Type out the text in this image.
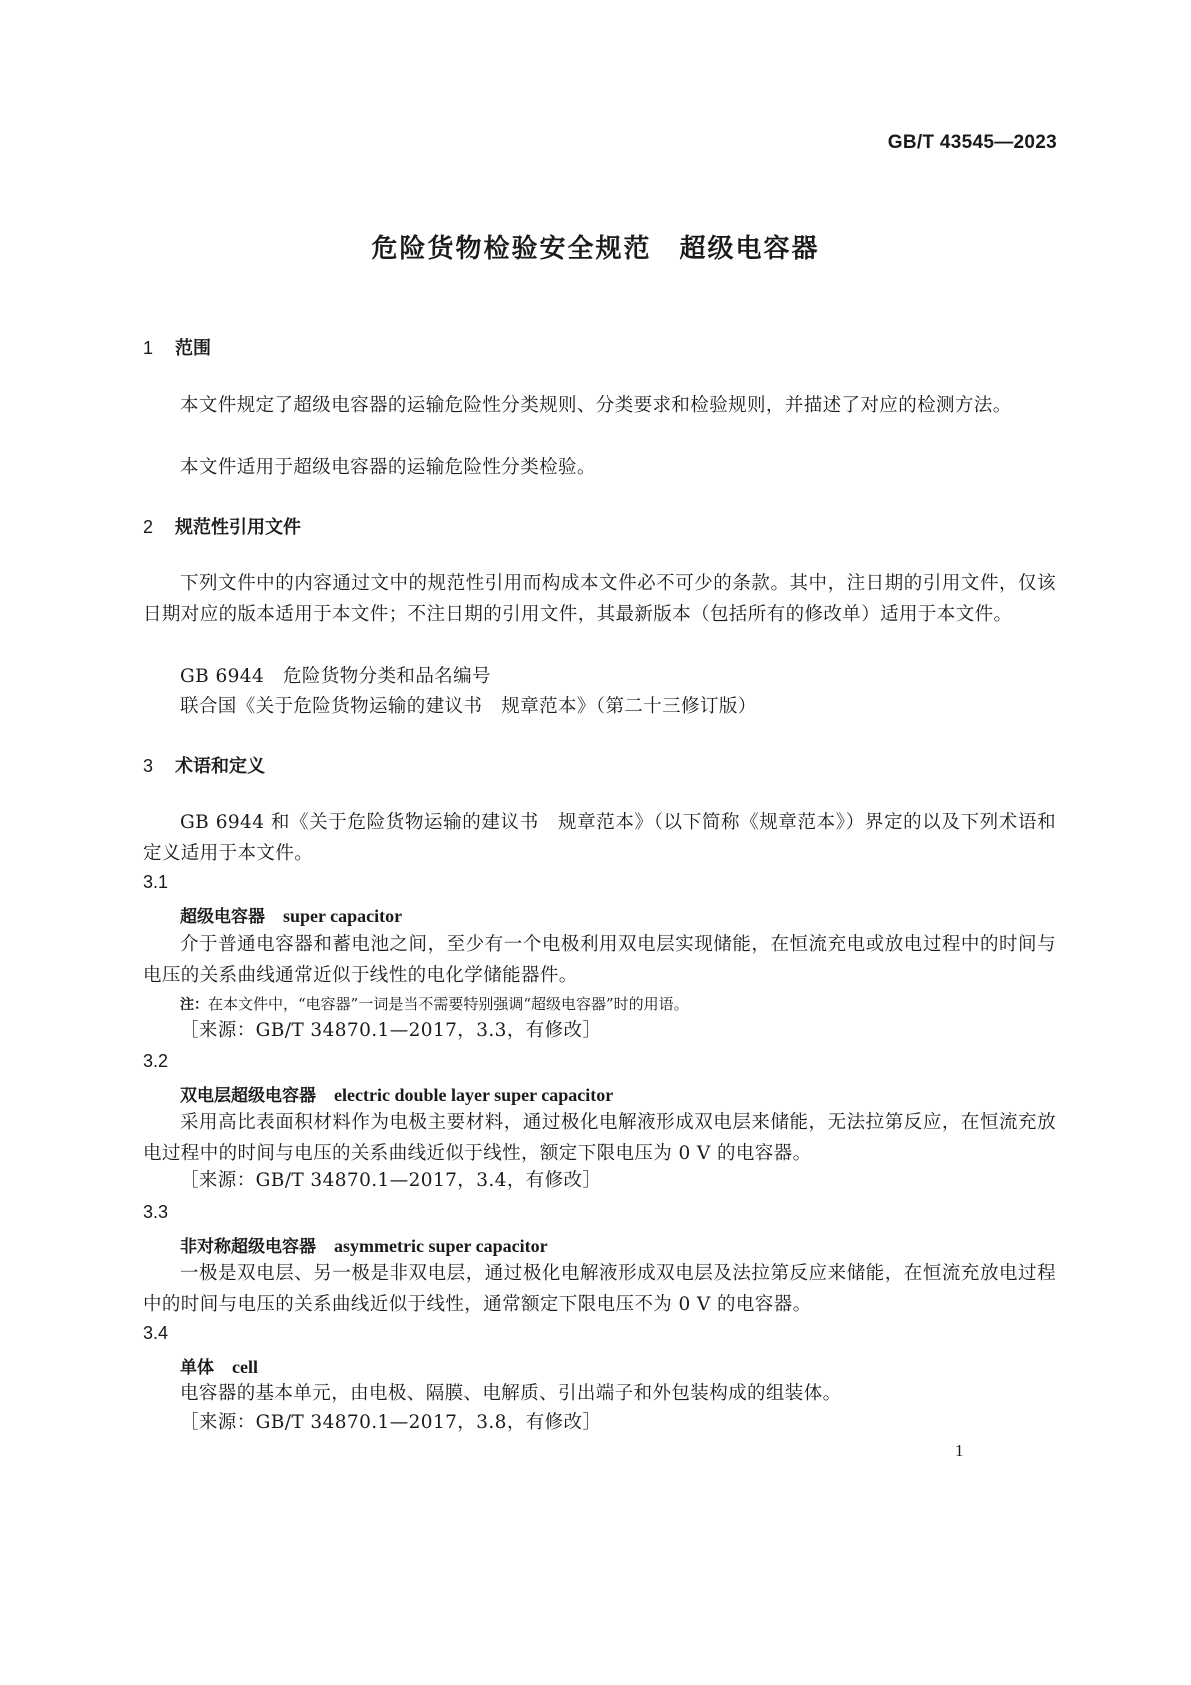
GB/T 43545—2023
危险货物检验安全规范　超级电容器
1 范围
本文件规定了超级电容器的运输危险性分类规则、分类要求和检验规则，并描述了对应的检测方法。
本文件适用于超级电容器的运输危险性分类检验。
2 规范性引用文件
下列文件中的内容通过文中的规范性引用而构成本文件必不可少的条款。其中，注日期的引用文件，仅该日期对应的版本适用于本文件；不注日期的引用文件，其最新版本（包括所有的修改单）适用于本文件。
GB 6944　危险货物分类和品名编号
联合国《关于危险货物运输的建议书　规章范本》（第二十三修订版）
3 术语和定义
GB 6944 和《关于危险货物运输的建议书　规章范本》（以下简称《规章范本》）界定的以及下列术语和定义适用于本文件。
3.1
超级电容器 super capacitor
介于普通电容器和蓄电池之间，至少有一个电极利用双电层实现储能，在恒流充电或放电过程中的时间与电压的关系曲线通常近似于线性的电化学储能器件。
注：在本文件中，“电容器”一词是当不需要特别强调“超级电容器”时的用语。
［来源：GB/T 34870.1—2017，3.3，有修改］
3.2
双电层超级电容器 electric double layer super capacitor
采用高比表面积材料作为电极主要材料，通过极化电解液形成双电层来储能，无法拉第反应，在恒流充放电过程中的时间与电压的关系曲线近似于线性，额定下限电压为 0 V 的电容器。
［来源：GB/T 34870.1—2017，3.4，有修改］
3.3
非对称超级电容器 asymmetric super capacitor
一极是双电层、另一极是非双电层，通过极化电解液形成双电层及法拉第反应来储能，在恒流充放电过程中的时间与电压的关系曲线近似于线性，通常额定下限电压不为 0 V 的电容器。
3.4
单体 cell
电容器的基本单元，由电极、隔膜、电解质、引出端子和外包装构成的组装体。
［来源：GB/T 34870.1—2017，3.8，有修改］
1
